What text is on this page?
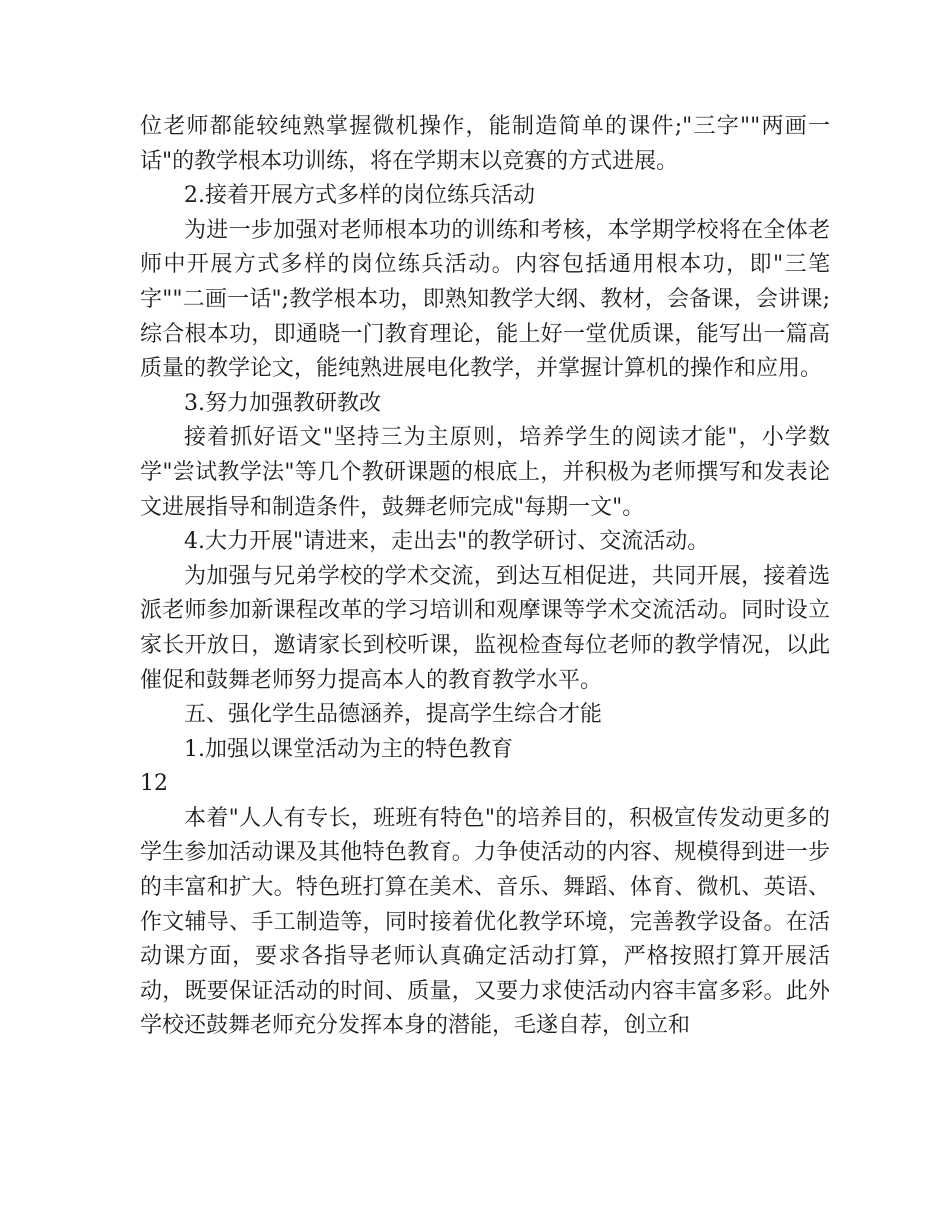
位老师都能较纯熟掌握微机操作，能制造简单的课件;"三字""两画一话"的教学根本功训练，将在学期末以竞赛的方式进展。

2.接着开展方式多样的岗位练兵活动

为进一步加强对老师根本功的训练和考核，本学期学校将在全体老师中开展方式多样的岗位练兵活动。内容包括通用根本功，即"三笔字""二画一话";教学根本功，即熟知教学大纲、教材，会备课，会讲课;综合根本功，即通晓一门教育理论，能上好一堂优质课，能写出一篇高质量的教学论文，能纯熟进展电化教学，并掌握计算机的操作和应用。

3.努力加强教研教改

接着抓好语文"坚持三为主原则，培养学生的阅读才能"，小学数学"尝试教学法"等几个教研课题的根底上，并积极为老师撰写和发表论文进展指导和制造条件，鼓舞老师完成"每期一文"。

4.大力开展"请进来，走出去"的教学研讨、交流活动。

为加强与兄弟学校的学术交流，到达互相促进，共同开展，接着选派老师参加新课程改革的学习培训和观摩课等学术交流活动。同时设立家长开放日，邀请家长到校听课，监视检查每位老师的教学情况，以此催促和鼓舞老师努力提高本人的教育教学水平。

五、强化学生品德涵养，提高学生综合才能

1.加强以课堂活动为主的特色教育

12

本着"人人有专长，班班有特色"的培养目的，积极宣传发动更多的学生参加活动课及其他特色教育。力争使活动的内容、规模得到进一步的丰富和扩大。特色班打算在美术、音乐、舞蹈、体育、微机、英语、作文辅导、手工制造等，同时接着优化教学环境，完善教学设备。在活动课方面，要求各指导老师认真确定活动打算，严格按照打算开展活动，既要保证活动的时间、质量，又要力求使活动内容丰富多彩。此外学校还鼓舞老师充分发挥本身的潜能，毛遂自荐，创立和
